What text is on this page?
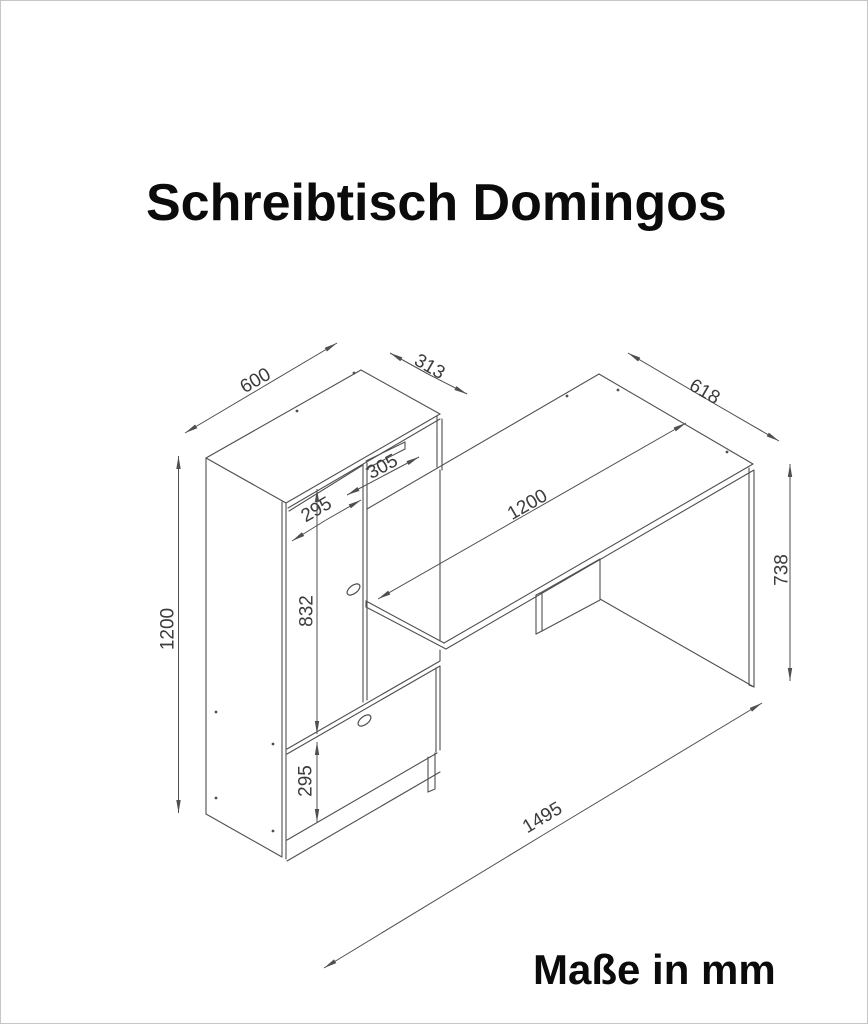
Schreibtisch Domingos
Maße in mm
600	313
618
1200
1200
305
295
832
295
738
1495
